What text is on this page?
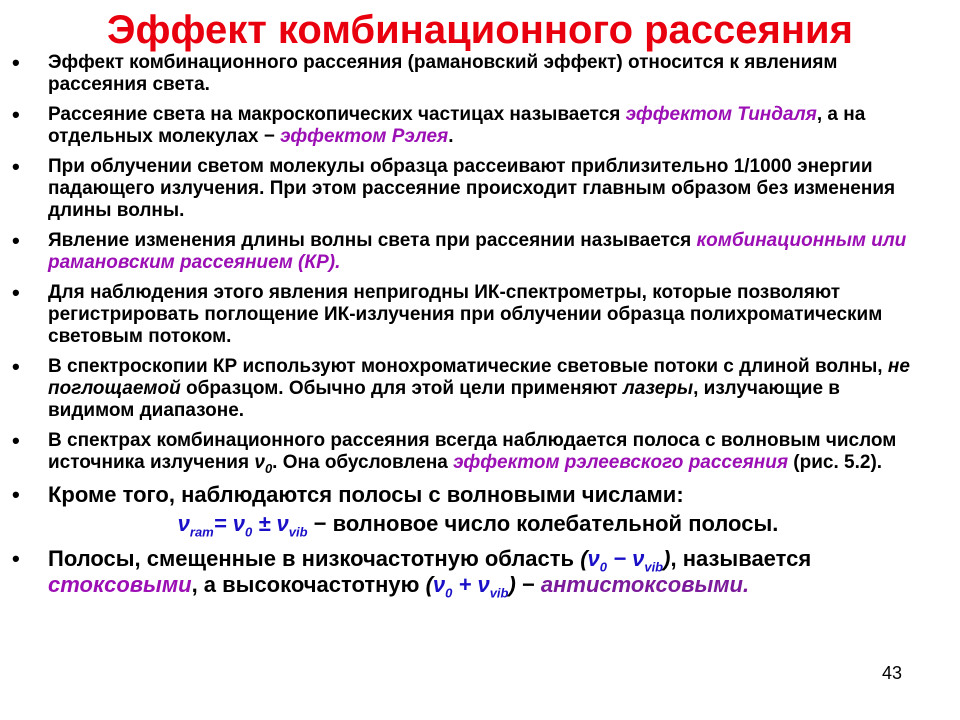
Эффект комбинационного рассеяния
• Эффект комбинационного рассеяния (рамановский эффект) относится к явлениям рассеяния света.
• Рассеяние света на макроскопических частицах называется эффектом Тиндаля, а на отдельных молекулах − эффектом Рэлея.
• При облучении светом молекулы образца рассеивают приблизительно 1/1000 энергии падающего излучения. При этом рассеяние происходит главным образом без изменения длины волны.
• Явление изменения длины волны света при рассеянии называется комбинационным или рамановским рассеянием (КР).
• Для наблюдения этого явления непригодны ИК-спектрометры, которые позволяют регистрировать поглощение ИК-излучения при облучении образца полихроматическим световым потоком.
• В спектроскопии КР используют монохроматические световые потоки с длиной волны, не поглощаемой образцом. Обычно для этой цели применяют лазеры, излучающие в видимом диапазоне.
• В спектрах комбинационного рассеяния всегда наблюдается полоса с волновым числом источника излучения $\nu_0$. Она обусловлена эффектом рэлеевского рассеяния (рис. 5.2).
• Кроме того, наблюдаются полосы с волновыми числами:
$\nu_{ram}= \nu_0 \pm \nu_{vib}$ − волновое число колебательной полосы.
• Полосы, смещенные в низкочастотную область $(\nu_0 - \nu_{vib})$, называется стоксовыми, а высокочастотную $(\nu_0 + \nu_{vib})$ − антистоксовыми.
43
